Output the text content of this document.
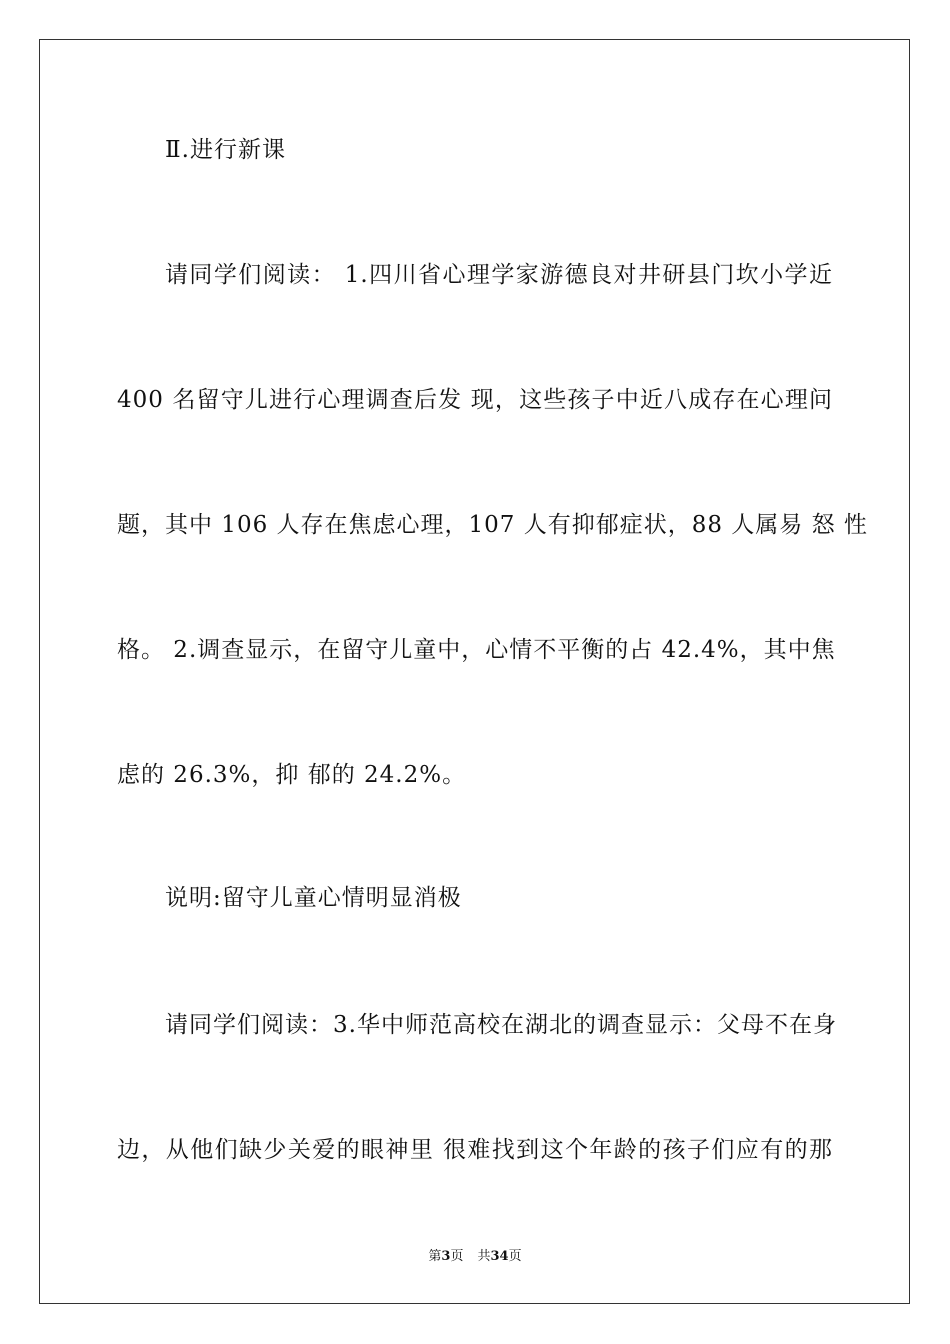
Ⅱ.进行新课
请同学们阅读： 1.四川省心理学家游德良对井研县门坎小学近
400 名留守儿进行心理调查后发 现，这些孩子中近八成存在心理问
题，其中 106 人存在焦虑心理，107 人有抑郁症状，88 人属易 怒 性
格。 2.调查显示，在留守儿童中，心情不平衡的占 42.4%，其中焦
虑的 26.3%，抑 郁的 24.2%。
说明:留守儿童心情明显消极
请同学们阅读：3.华中师范高校在湖北的调查显示：父母不在身
边，从他们缺少关爱的眼神里 很难找到这个年龄的孩子们应有的那
第3页 共34页
